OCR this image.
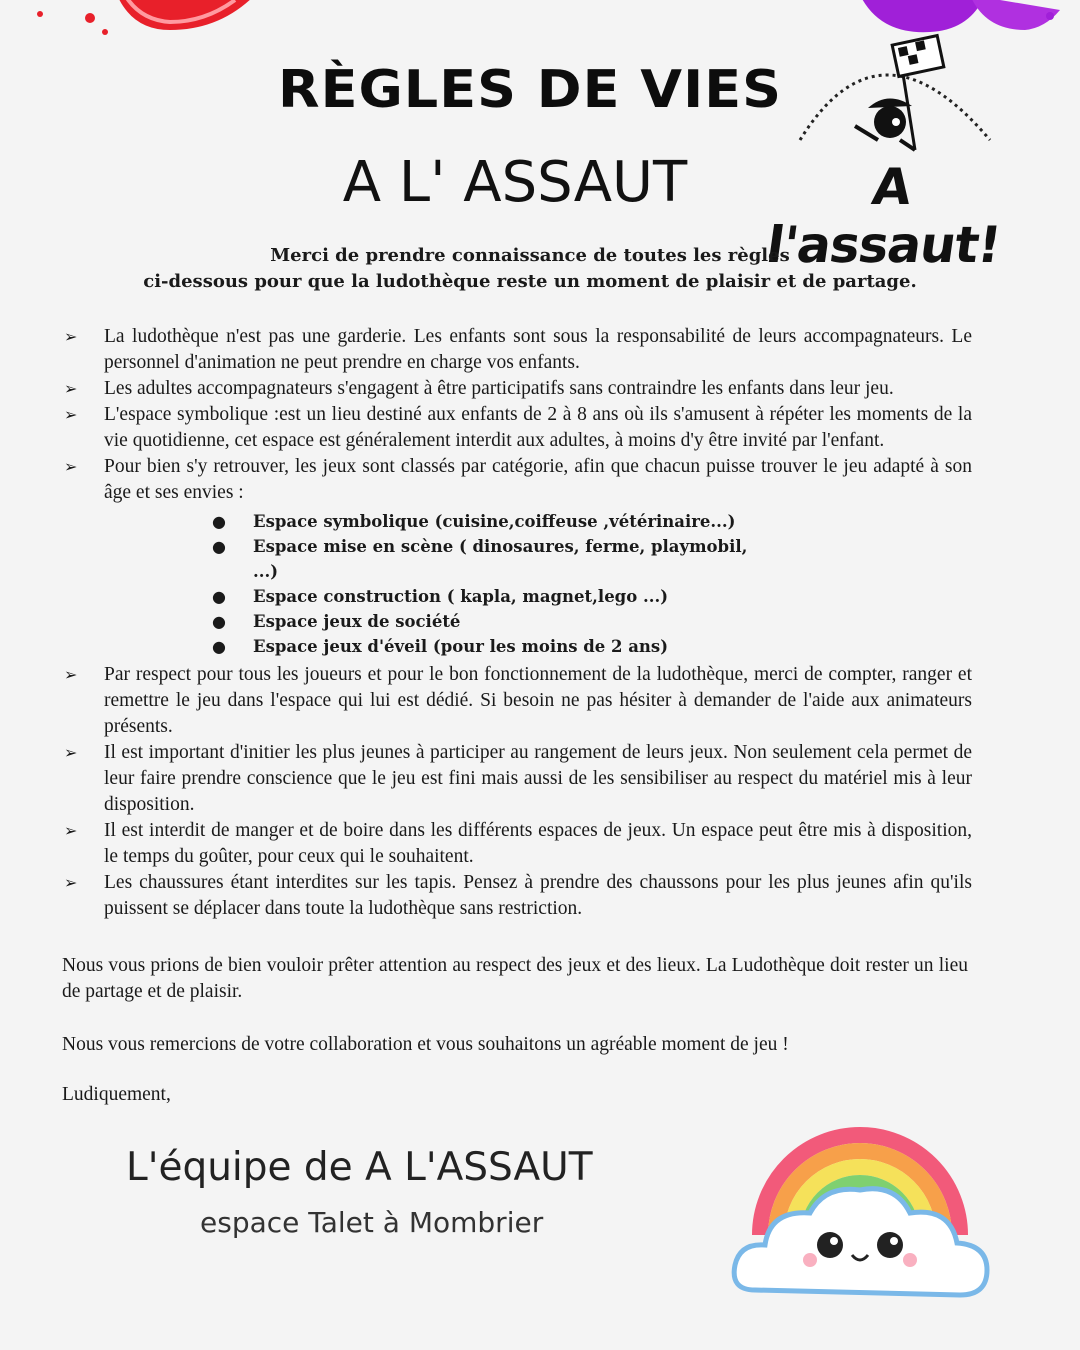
RÈGLES DE VIES
A L' ASSAUT	A l'assaut!
Merci de prendre connaissance de toutes les règles
ci-dessous pour que la ludothèque reste un moment de plaisir et de partage.
➢ La ludothèque n'est pas une garderie. Les enfants sont sous la responsabilité de leurs accompagnateurs. Le personnel d'animation ne peut prendre en charge vos enfants.
➢ Les adultes accompagnateurs s'engagent à être participatifs sans contraindre les enfants dans leur jeu.
➢ L'espace symbolique :est un lieu destiné aux enfants de 2 à 8 ans où ils s'amusent à répéter les moments de la vie quotidienne, cet espace est généralement interdit aux adultes, à moins d'y être invité par l'enfant.
➢ Pour bien s'y retrouver, les jeux sont classés par catégorie, afin que chacun puisse trouver le jeu adapté à son âge et ses envies :
● Espace symbolique (cuisine,coiffeuse ,vétérinaire...)
● Espace mise en scène ( dinosaures, ferme, playmobil, ...)
● Espace construction ( kapla, magnet,lego ...)
● Espace jeux de société
● Espace jeux d'éveil (pour les moins de 2 ans)
➢ Par respect pour tous les joueurs et pour le bon fonctionnement de la ludothèque, merci de compter, ranger et remettre le jeu dans l'espace qui lui est dédié. Si besoin ne pas hésiter à demander de l'aide aux animateurs présents.
➢ Il est important d'initier les plus jeunes à participer au rangement de leurs jeux. Non seulement cela permet de leur faire prendre conscience que le jeu est fini mais aussi de les sensibiliser au respect du matériel mis à leur disposition.
➢ Il est interdit de manger et de boire dans les différents espaces de jeux. Un espace peut être mis à disposition, le temps du goûter, pour ceux qui le souhaitent.
➢ Les chaussures étant interdites sur les tapis. Pensez à prendre des chaussons pour les plus jeunes afin qu'ils puissent se déplacer dans toute la ludothèque sans restriction.
Nous vous prions de bien vouloir prêter attention au respect des jeux et des lieux. La Ludothèque doit rester un lieu de partage et de plaisir.
Nous vous remercions de votre collaboration et vous souhaitons un agréable moment de jeu !
Ludiquement,
L'équipe de A L'ASSAUT
espace Talet à Mombrier
